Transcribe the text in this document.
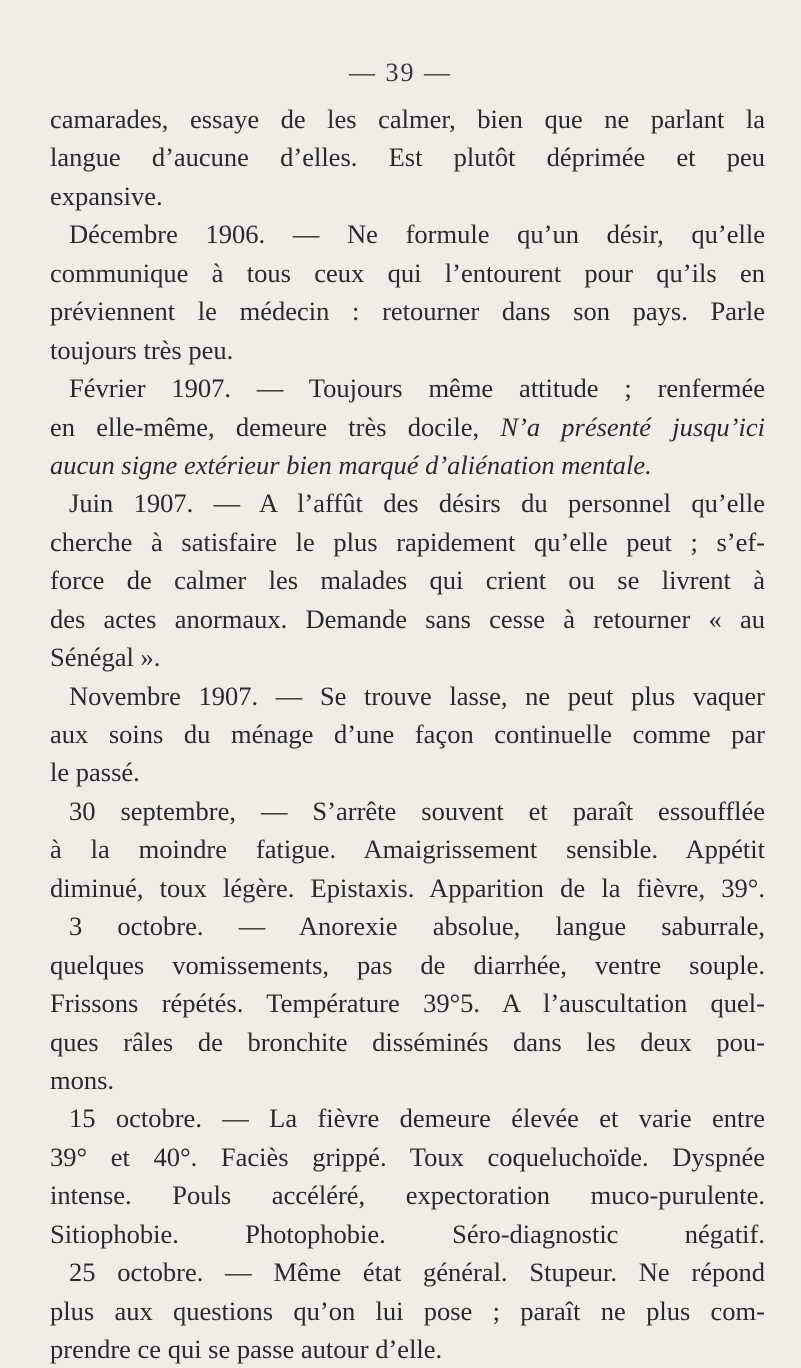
— 39 —
camarades, essaye de les calmer, bien que ne parlant la
langue d’aucune d’elles. Est plutôt déprimée et peu
expansive.
Décembre 1906. — Ne formule qu’un désir, qu’elle
communique à tous ceux qui l’entourent pour qu’ils en
préviennent le médecin : retourner dans son pays. Parle
toujours très peu.
Février 1907. — Toujours même attitude ; renfermée
en elle-même, demeure très docile, N’a présenté jusqu’ici
aucun signe extérieur bien marqué d’aliénation mentale.
Juin 1907. — A l’affût des désirs du personnel qu’elle
cherche à satisfaire le plus rapidement qu’elle peut ; s’ef-
force de calmer les malades qui crient ou se livrent à
des actes anormaux. Demande sans cesse à retourner « au
Sénégal ».
Novembre 1907. — Se trouve lasse, ne peut plus vaquer
aux soins du ménage d’une façon continuelle comme par
le passé.
30 septembre, — S’arrête souvent et paraît essoufflée
à la moindre fatigue. Amaigrissement sensible. Appétit
diminué, toux légère. Epistaxis. Apparition de la fièvre, 39°.
3 octobre. — Anorexie absolue, langue saburrale,
quelques vomissements, pas de diarrhée, ventre souple.
Frissons répétés. Température 39°5. A l’auscultation quel-
ques râles de bronchite disséminés dans les deux pou-
mons.
15 octobre. — La fièvre demeure élevée et varie entre
39° et 40°. Faciès grippé. Toux coqueluchoïde. Dyspnée
intense. Pouls accéléré, expectoration muco-purulente.
Sitiophobie. Photophobie. Séro-diagnostic négatif.
25 octobre. — Même état général. Stupeur. Ne répond
plus aux questions qu’on lui pose ; paraît ne plus com-
prendre ce qui se passe autour d’elle.
